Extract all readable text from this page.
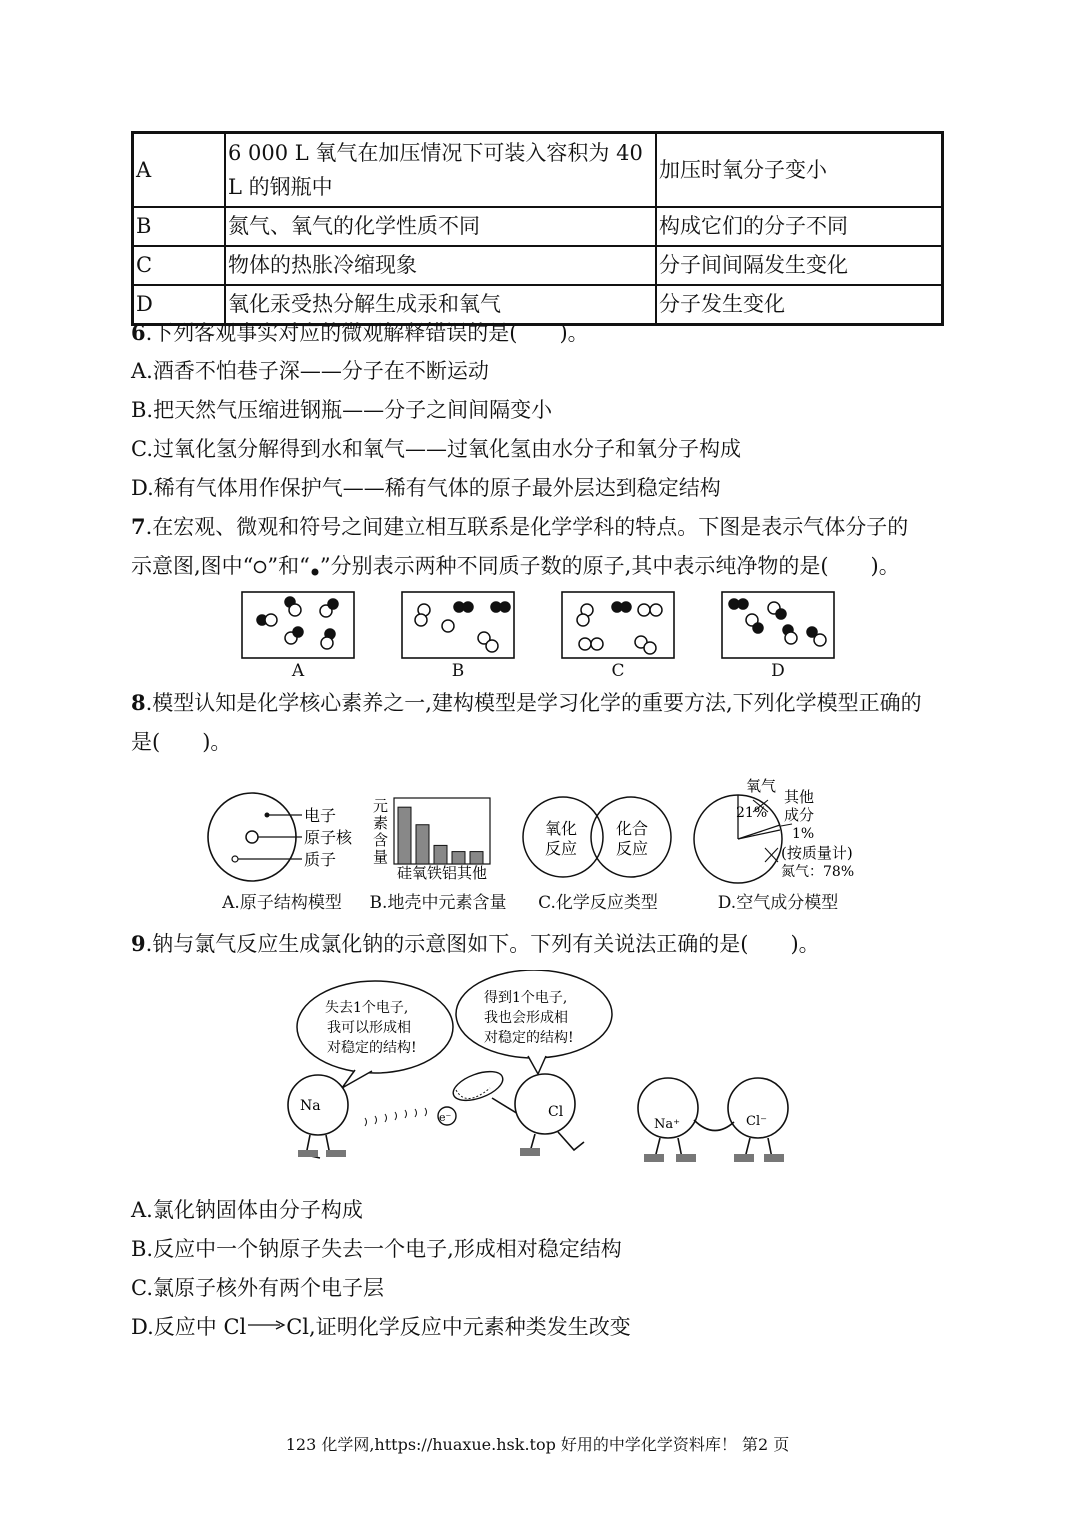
A	6 000 L 氧气在加压情况下可装入容积为 40 L 的钢瓶中	加压时氧分子变小
B	氮气、氧气的化学性质不同	构成它们的分子不同
C	物体的热胀冷缩现象	分子间间隔发生变化
D	氧化汞受热分解生成汞和氧气	分子发生变化
6.下列客观事实对应的微观解释错误的是(　　)。
A.酒香不怕巷子深——分子在不断运动
B.把天然气压缩进钢瓶——分子之间间隔变小
C.过氧化氢分解得到水和氧气——过氧化氢由水分子和氧分子构成
D.稀有气体用作保护气——稀有气体的原子最外层达到稳定结构
7.在宏观、微观和符号之间建立相互联系是化学学科的特点。下图是表示气体分子的
示意图,图中“ ”和“ ”分别表示两种不同质子数的原子,其中表示纯净物的是(　　)。
A	B	C	D
8.模型认知是化学核心素养之一,建构模型是学习化学的重要方法,下列化学模型正确的
是(　　)。
电子
原子核
质子
元
素
含
量
硅氧铁铝其他
氧化
反应
化合
反应
氧气
21%
其他
成分
1%
(按质量计)
氮气：78%
A.原子结构模型	B.地壳中元素含量	C.化学反应类型	D.空气成分模型
9.钠与氯气反应生成氯化钠的示意图如下。下列有关说法正确的是(　　)。
失去1个电子,
我可以形成相
对稳定的结构!
得到1个电子,
我也会形成相
对稳定的结构!
Na
e⁻	Cl
Na⁺	Cl⁻
A.氯化钠固体由分子构成
B.反应中一个钠原子失去一个电子,形成相对稳定结构
C.氯原子核外有两个电子层
D.反应中 Cl Cl,证明化学反应中元素种类发生改变
123 化学网,https://huaxue.hsk.top 好用的中学化学资料库！ 第2 页
